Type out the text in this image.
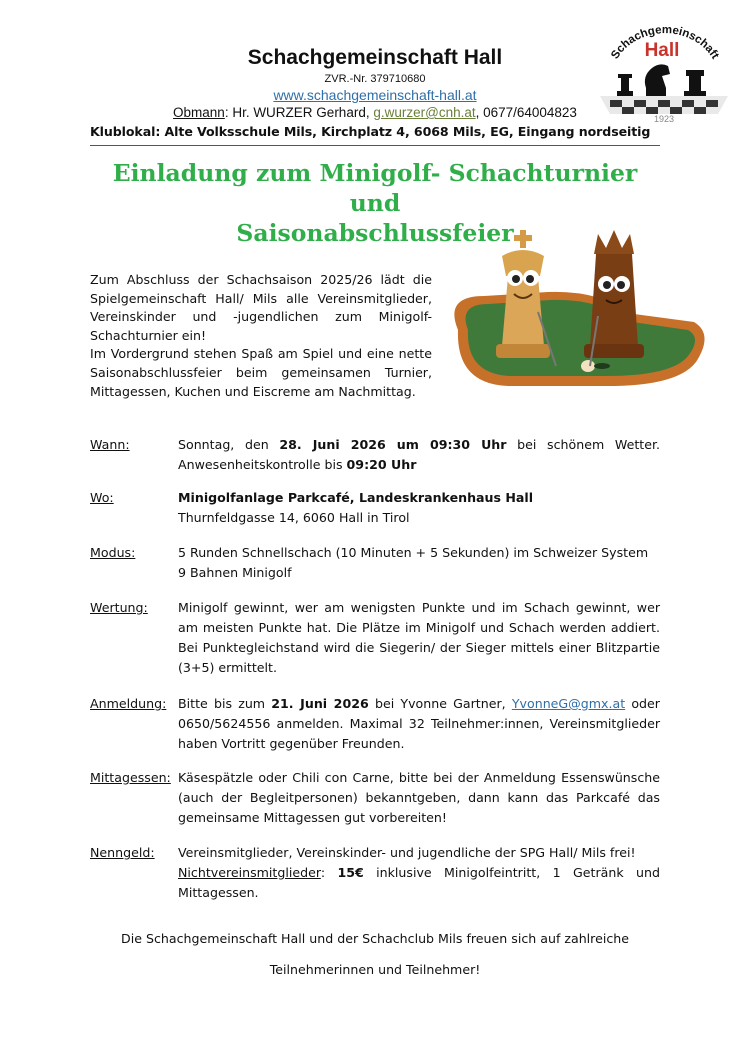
Schachgemeinschaft Hall
ZVR.-Nr. 379710680
www.schachgemeinschaft-hall.at
Obmann: Hr. WURZER Gerhard, g.wurzer@cnh.at, 0677/64004823
Klublokal: Alte Volksschule Mils, Kirchplatz 4, 6068 Mils, EG, Eingang nordseitig
Schachgemeinschaft
Hall
1923
Einladung zum Minigolf- Schachturnier und
Saisonabschlussfeier
Zum Abschluss der Schachsaison 2025/26 lädt die Spielgemeinschaft Hall/ Mils alle Vereinsmitglieder, Vereinskinder und -jugendlichen zum Minigolf-Schachturnier ein!
Im Vordergrund stehen Spaß am Spiel und eine nette Saisonabschlussfeier beim gemeinsamen Turnier, Mittagessen, Kuchen und Eiscreme am Nachmittag.
Wann:	Sonntag, den 28. Juni 2026 um 09:30 Uhr bei schönem Wetter. Anwesenheitskontrolle bis 09:20 Uhr
Wo:	Minigolfanlage Parkcafé, Landeskrankenhaus Hall
Thurnfeldgasse 14, 6060 Hall in Tirol
Modus:	5 Runden Schnellschach (10 Minuten + 5 Sekunden) im Schweizer System
9 Bahnen Minigolf
Wertung: Minigolf gewinnt, wer am wenigsten Punkte und im Schach gewinnt, wer am meisten Punkte hat. Die Plätze im Minigolf und Schach werden addiert. Bei Punktegleichstand wird die Siegerin/ der Sieger mittels einer Blitzpartie (3+5) ermittelt.
Anmeldung: Bitte bis zum 21. Juni 2026 bei Yvonne Gartner, YvonneG@gmx.at oder 0650/5624556 anmelden. Maximal 32 Teilnehmer:innen, Vereinsmitglieder haben Vortritt gegenüber Freunden.
Mittagessen: Käsespätzle oder Chili con Carne, bitte bei der Anmeldung Essenswünsche (auch der Begleitpersonen) bekanntgeben, dann kann das Parkcafé das gemeinsame Mittagessen gut vorbereiten!
Nenngeld: Vereinsmitglieder, Vereinskinder- und jugendliche der SPG Hall/ Mils frei!
Nichtvereinsmitglieder: 15€ inklusive Minigolfeintritt, 1 Getränk und Mittagessen.
Die Schachgemeinschaft Hall und der Schachclub Mils freuen sich auf zahlreiche
Teilnehmerinnen und Teilnehmer!
